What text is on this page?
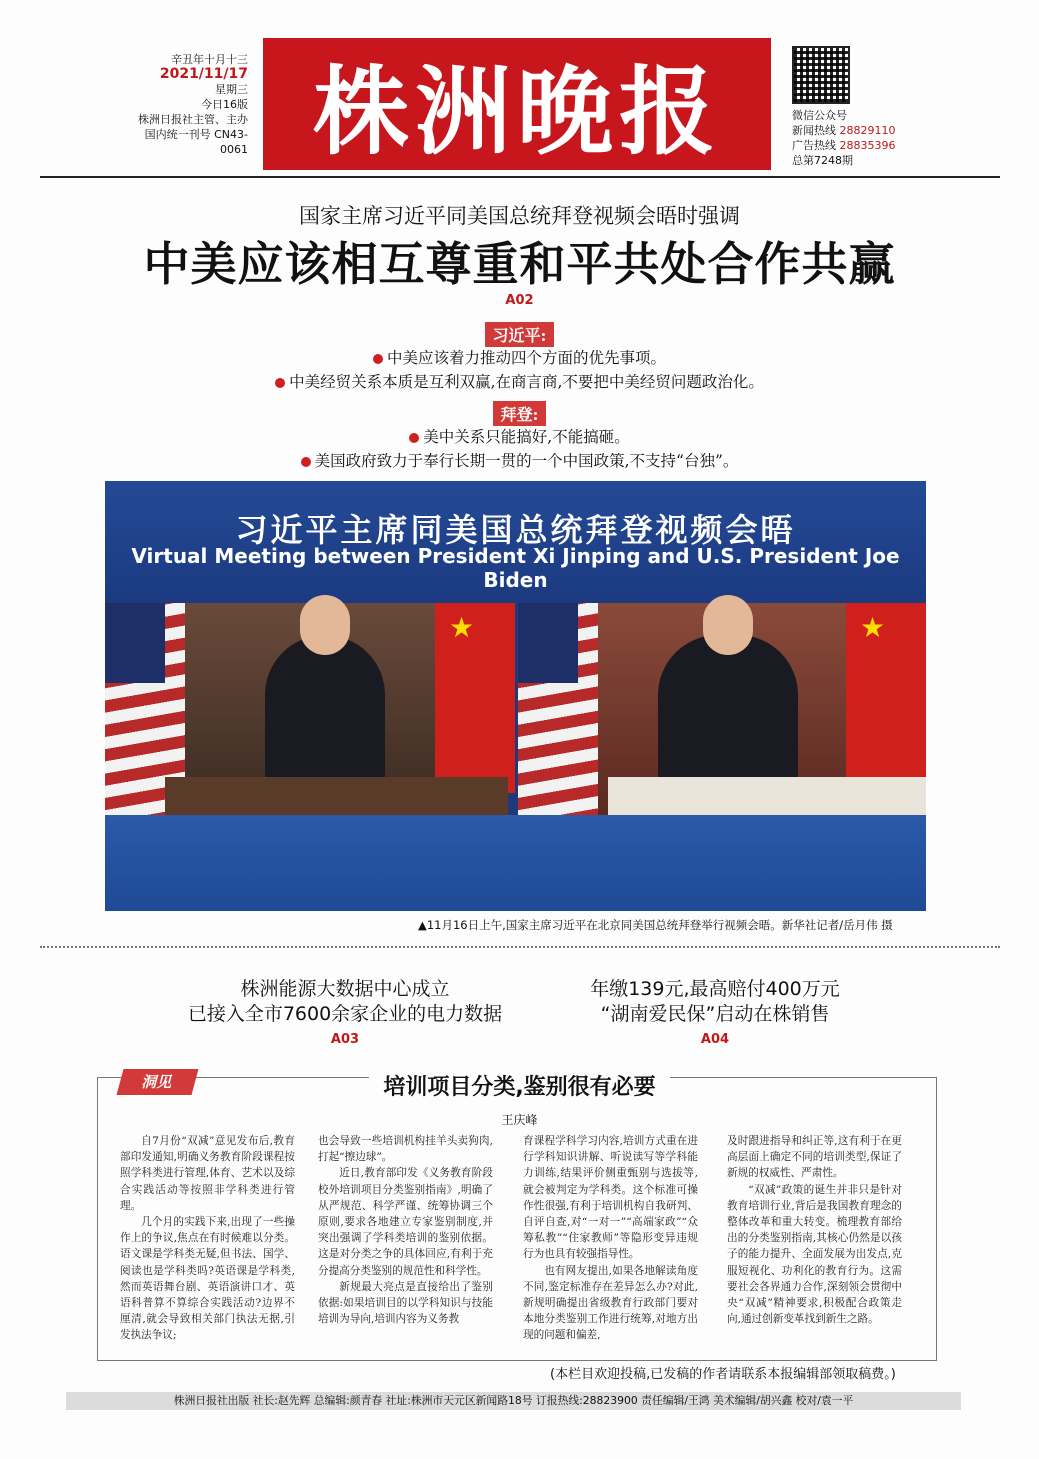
辛丑年十月十三
2021/11/17
星期三
今日16版
株洲日报社主管、主办
国内统一刊号 CN43-0061 株洲晚报	微信公众号
新闻热线 28829110
广告热线 28835396
总第7248期
国家主席习近平同美国总统拜登视频会晤时强调
中美应该相互尊重和平共处合作共赢
A02
习近平:
中美应该着力推动四个方面的优先事项。
中美经贸关系本质是互利双赢,在商言商,不要把中美经贸问题政治化。
拜登:
美中关系只能搞好,不能搞砸。
美国政府致力于奉行长期一贯的一个中国政策,不支持“台独”。
习近平主席同美国总统拜登视频会晤
Virtual Meeting between President Xi Jinping and U.S. President Joe Biden
★	★
▲11月16日上午,国家主席习近平在北京同美国总统拜登举行视频会晤。新华社记者/岳月伟 摄
株洲能源大数据中心成立
已接入全市7600余家企业的电力数据
A03
年缴139元,最高赔付400万元
“湖南爱民保”启动在株销售
A04
洞见	培训项目分类,鉴别很有必要
王庆峰

自7月份“双减”意见发布后,教育部印发通知,明确义务教育阶段课程按照学科类进行管理,体育、艺术以及综合实践活动等按照非学科类进行管理。

几个月的实践下来,出现了一些操作上的争议,焦点在有时候难以分类。语文课是学科类无疑,但书法、国学、阅读也是学科类吗?英语课是学科类,然而英语舞台剧、英语演讲口才、英语科普算不算综合实践活动?边界不厘清,就会导致相关部门执法无据,引发执法争议;

也会导致一些培训机构挂羊头卖狗肉,打起“擦边球”。

近日,教育部印发《义务教育阶段校外培训项目分类鉴别指南》,明确了从严规范、科学严谨、统筹协调三个原则,要求各地建立专家鉴别制度,并突出强调了学科类培训的鉴别依据。这是对分类之争的具体回应,有利于充分提高分类鉴别的规范性和科学性。

新规最大亮点是直接给出了鉴别依据:如果培训目的以学科知识与技能培训为导向,培训内容为义务教

育课程学科学习内容,培训方式重在进行学科知识讲解、听说读写等学科能力训练,结果评价侧重甄别与选拔等,就会被判定为学科类。这个标准可操作性很强,有利于培训机构自我研判、自评自查,对“一对一”“高端家政”“众筹私教”“住家教师”等隐形变异违规行为也具有较强指导性。

也有网友提出,如果各地解读角度不同,鉴定标准存在差异怎么办?对此,新规明确提出省级教育行政部门要对本地分类鉴别工作进行统筹,对地方出现的问题和偏差,

及时跟进指导和纠正等,这有利于在更高层面上确定不同的培训类型,保证了新规的权威性、严肃性。

“双减”政策的诞生并非只是针对教育培训行业,背后是我国教育理念的整体改革和重大转变。梳理教育部给出的分类鉴别指南,其核心仍然是以孩子的能力提升、全面发展为出发点,克服短视化、功利化的教育行为。这需要社会各界通力合作,深刻领会贯彻中央“双减”精神要求,积极配合政策走向,通过创新变革找到新生之路。

(本栏目欢迎投稿,已发稿的作者请联系本报编辑部领取稿费。)
株洲日报社出版 社长:赵先辉 总编辑:颜青春 社址:株洲市天元区新闻路18号 订报热线:28823900 责任编辑/王鸿 美术编辑/胡兴鑫 校对/袁一平
